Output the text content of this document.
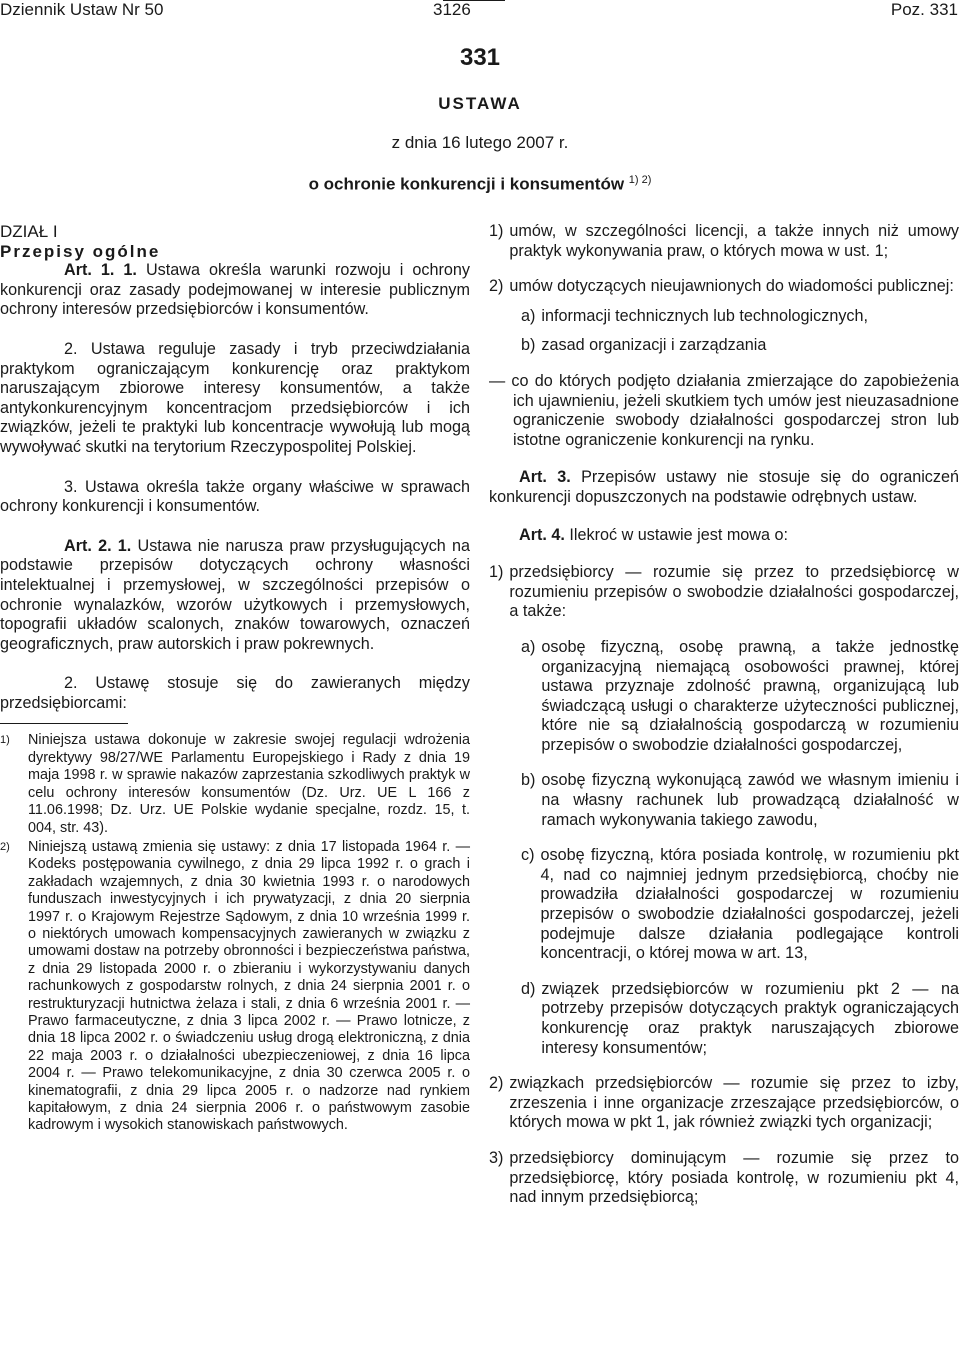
Dziennik Ustaw Nr 50	3126	Poz. 331
331
USTAWA
z dnia 16 lutego 2007 r.
o ochronie konkurencji i konsumentów $^{1) 2)}$

DZIAŁ I

Przepisy ogólne

Art. 1. 1. Ustawa określa warunki rozwoju i ochrony konkurencji oraz zasady podejmowanej w interesie publicznym ochrony interesów przedsiębiorców i konsumentów.

2. Ustawa reguluje zasady i tryb przeciwdziałania praktykom ograniczającym konkurencję oraz praktykom naruszającym zbiorowe interesy konsumentów, a także antykonkurencyjnym koncentracjom przedsiębiorców i ich związków, jeżeli te praktyki lub koncentracje wywołują lub mogą wywoływać skutki na terytorium Rzeczypospolitej Polskiej.

3. Ustawa określa także organy właściwe w sprawach ochrony konkurencji i konsumentów.

Art. 2. 1. Ustawa nie narusza praw przysługujących na podstawie przepisów dotyczących ochrony własności intelektualnej i przemysłowej, w szczególności przepisów o ochronie wynalazków, wzorów użytkowych i przemysłowych, topografii układów scalonych, znaków towarowych, oznaczeń geograficznych, praw autorskich i praw pokrewnych.

2. Ustawę stosuje się do zawieranych między przedsiębiorcami:

1) Niniejsza ustawa dokonuje w zakresie swojej regulacji wdrożenia dyrektywy 98/27/WE Parlamentu Europejskiego i Rady z dnia 19 maja 1998 r. w sprawie nakazów zaprzestania szkodliwych praktyk w celu ochrony interesów konsumentów (Dz. Urz. UE L 166 z 11.06.1998; Dz. Urz. UE Polskie wydanie specjalne, rozdz. 15, t. 004, str. 43).

2) Niniejszą ustawą zmienia się ustawy: z dnia 17 listopada 1964 r. — Kodeks postępowania cywilnego, z dnia 29 lipca 1992 r. o grach i zakładach wzajemnych, z dnia 30 kwietnia 1993 r. o narodowych funduszach inwestycyjnych i ich prywatyzacji, z dnia 20 sierpnia 1997 r. o Krajowym Rejestrze Sądowym, z dnia 10 września 1999 r. o niektórych umowach kompensacyjnych zawieranych w związku z umowami dostaw na potrzeby obronności i bezpieczeństwa państwa, z dnia 29 listopada 2000 r. o zbieraniu i wykorzystywaniu danych rachunkowych z gospodarstw rolnych, z dnia 24 sierpnia 2001 r. o restrukturyzacji hutnictwa żelaza i stali, z dnia 6 września 2001 r. — Prawo farmaceutyczne, z dnia 3 lipca 2002 r. — Prawo lotnicze, z dnia 18 lipca 2002 r. o świadczeniu usług drogą elektroniczną, z dnia 22 maja 2003 r. o działalności ubezpieczeniowej, z dnia 16 lipca 2004 r. — Prawo telekomunikacyjne, z dnia 30 czerwca 2005 r. o kinematografii, z dnia 29 lipca 2005 r. o nadzorze nad rynkiem kapitałowym, z dnia 24 sierpnia 2006 r. o państwowym zasobie kadrowym i wysokich stanowiskach państwowych.

1) umów, w szczególności licencji, a także innych niż umowy praktyk wykonywania praw, o których mowa w ust. 1;
2) umów dotyczących nieujawnionych do wiadomości publicznej:
a) informacji technicznych lub technologicznych,
b) zasad organizacji i zarządzania

— co do których podjęto działania zmierzające do zapobieżenia ich ujawnieniu, jeżeli skutkiem tych umów jest nieuzasadnione ograniczenie swobody działalności gospodarczej stron lub istotne ograniczenie konkurencji na rynku.

Art. 3. Przepisów ustawy nie stosuje się do ograniczeń konkurencji dopuszczonych na podstawie odrębnych ustaw.

Art. 4. Ilekroć w ustawie jest mowa o:

1) przedsiębiorcy — rozumie się przez to przedsiębiorcę w rozumieniu przepisów o swobodzie działalności gospodarczej, a także:
a) osobę fizyczną, osobę prawną, a także jednostkę organizacyjną niemającą osobowości prawnej, której ustawa przyznaje zdolność prawną, organizującą lub świadczącą usługi o charakterze użyteczności publicznej, które nie są działalnością gospodarczą w rozumieniu przepisów o swobodzie działalności gospodarczej,
b) osobę fizyczną wykonującą zawód we własnym imieniu i na własny rachunek lub prowadzącą działalność w ramach wykonywania takiego zawodu,
c) osobę fizyczną, która posiada kontrolę, w rozumieniu pkt 4, nad co najmniej jednym przedsiębiorcą, choćby nie prowadziła działalności gospodarczej w rozumieniu przepisów o swobodzie działalności gospodarczej, jeżeli podejmuje dalsze działania podlegające kontroli koncentracji, o której mowa w art. 13,
d) związek przedsiębiorców w rozumieniu pkt 2 — na potrzeby przepisów dotyczących praktyk ograniczających konkurencję oraz praktyk naruszających zbiorowe interesy konsumentów;
2) związkach przedsiębiorców — rozumie się przez to izby, zrzeszenia i inne organizacje zrzeszające przedsiębiorców, o których mowa w pkt 1, jak również związki tych organizacji;
3) przedsiębiorcy dominującym — rozumie się przez to przedsiębiorcę, który posiada kontrolę, w rozumieniu pkt 4, nad innym przedsiębiorcą;
